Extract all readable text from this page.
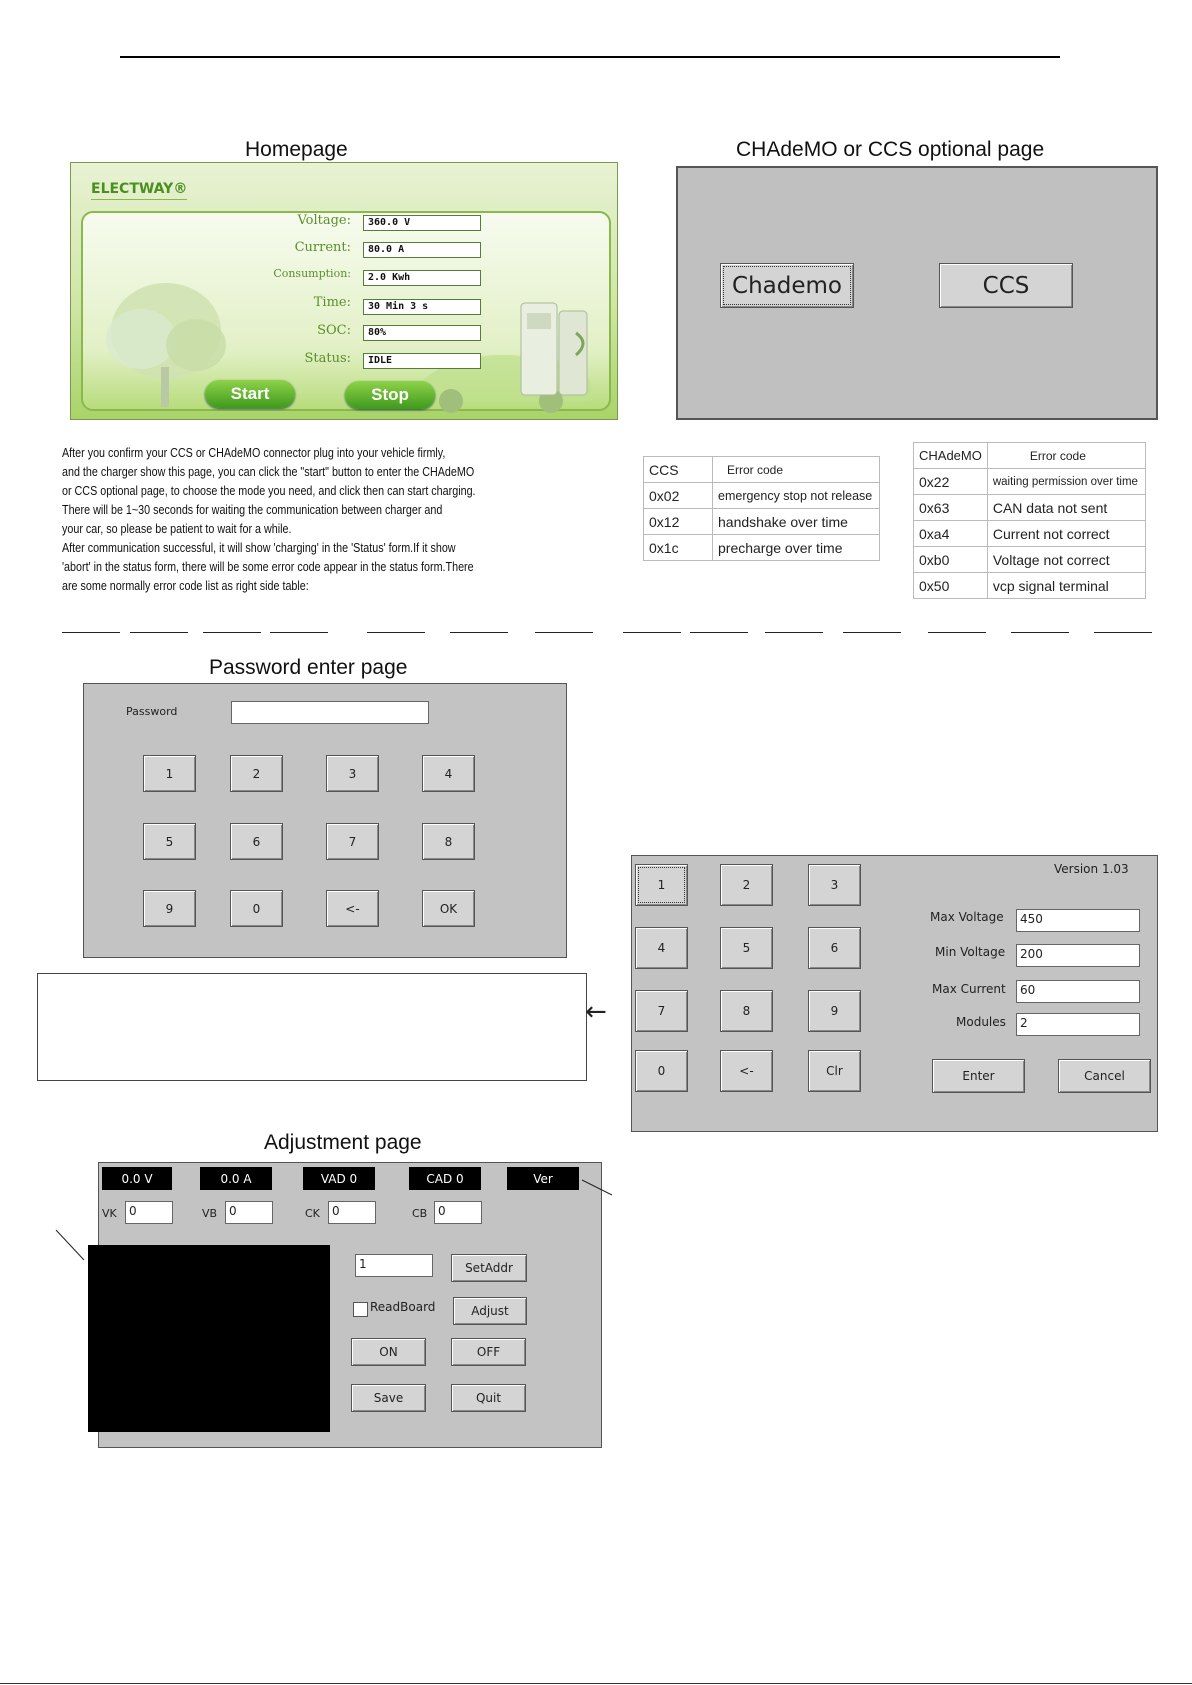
Homepage
ELECTWAY®
Voltage:	360.0 V
Current:	80.0 A
Consumption:	2.0 Kwh
Time:	30 Min 3 s
SOC:	80%
Status:	IDLE
Start	Stop
CHAdeMO or CCS optional page
Chademo	CCS
After you confirm your CCS or CHAdeMO connector plug into your vehicle firmly,
and the charger show this page, you can click the "start" button to enter the CHAdeMO
or CCS optional page, to choose the mode you need, and click then can start charging.
There will be 1~30 seconds for waiting the communication between charger and
your car, so please be patient to wait for a while.
After communication successful, it will show 'charging' in the 'Status' form.If it show
'abort' in the status form, there will be some error code appear in the status form.There
are some normally error code list as right side table:
CCS	Error code
0x02	emergency stop not release
0x12	handshake over time
0x1c	precharge over time
CHAdeMO	Error code
0x22	waiting permission over time
0x63	CAN data not sent
0xa4	Current not correct
0xb0	Voltage not correct
0x50	vcp signal terminal
Password enter page
Password
1	2	3	4
5	6	7	8
9	0	<-	OK
←
Version 1.03
1	2	3
4	5	6
7	8	9
0	<-	Clr
Max Voltage	450
Min Voltage	200
Max Current	60
Modules	2
Enter	Cancel
Adjustment page
0.0 V	0.0 A	VAD 0	CAD 0	Ver
VK	0	VB 0	CK	0	CB 0
1	SetAddr
ReadBoard	Adjust
ON	OFF
Save	Quit
